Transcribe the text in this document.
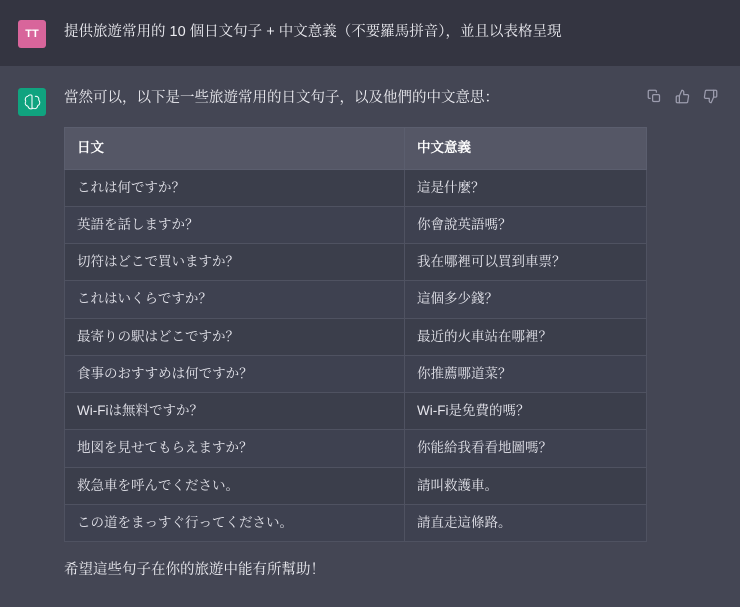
TT	提供旅遊常用的 10 個日文句子 + 中文意義（不要羅馬拼音），並且以表格呈現

當然可以，以下是一些旅遊常用的日文句子，以及他們的中文意思：

日文	中文意義
これは何ですか？	這是什麼？
英語を話しますか？	你會說英語嗎？
切符はどこで買いますか？	我在哪裡可以買到車票？
これはいくらですか？	這個多少錢？
最寄りの駅はどこですか？	最近的火車站在哪裡？
食事のおすすめは何ですか？	你推薦哪道菜？
Wi-Fiは無料ですか？	Wi-Fi是免費的嗎？
地図を見せてもらえますか？	你能給我看看地圖嗎？
救急車を呼んでください。	請叫救護車。
この道をまっすぐ行ってください。	請直走這條路。

希望這些句子在你的旅遊中能有所幫助！
